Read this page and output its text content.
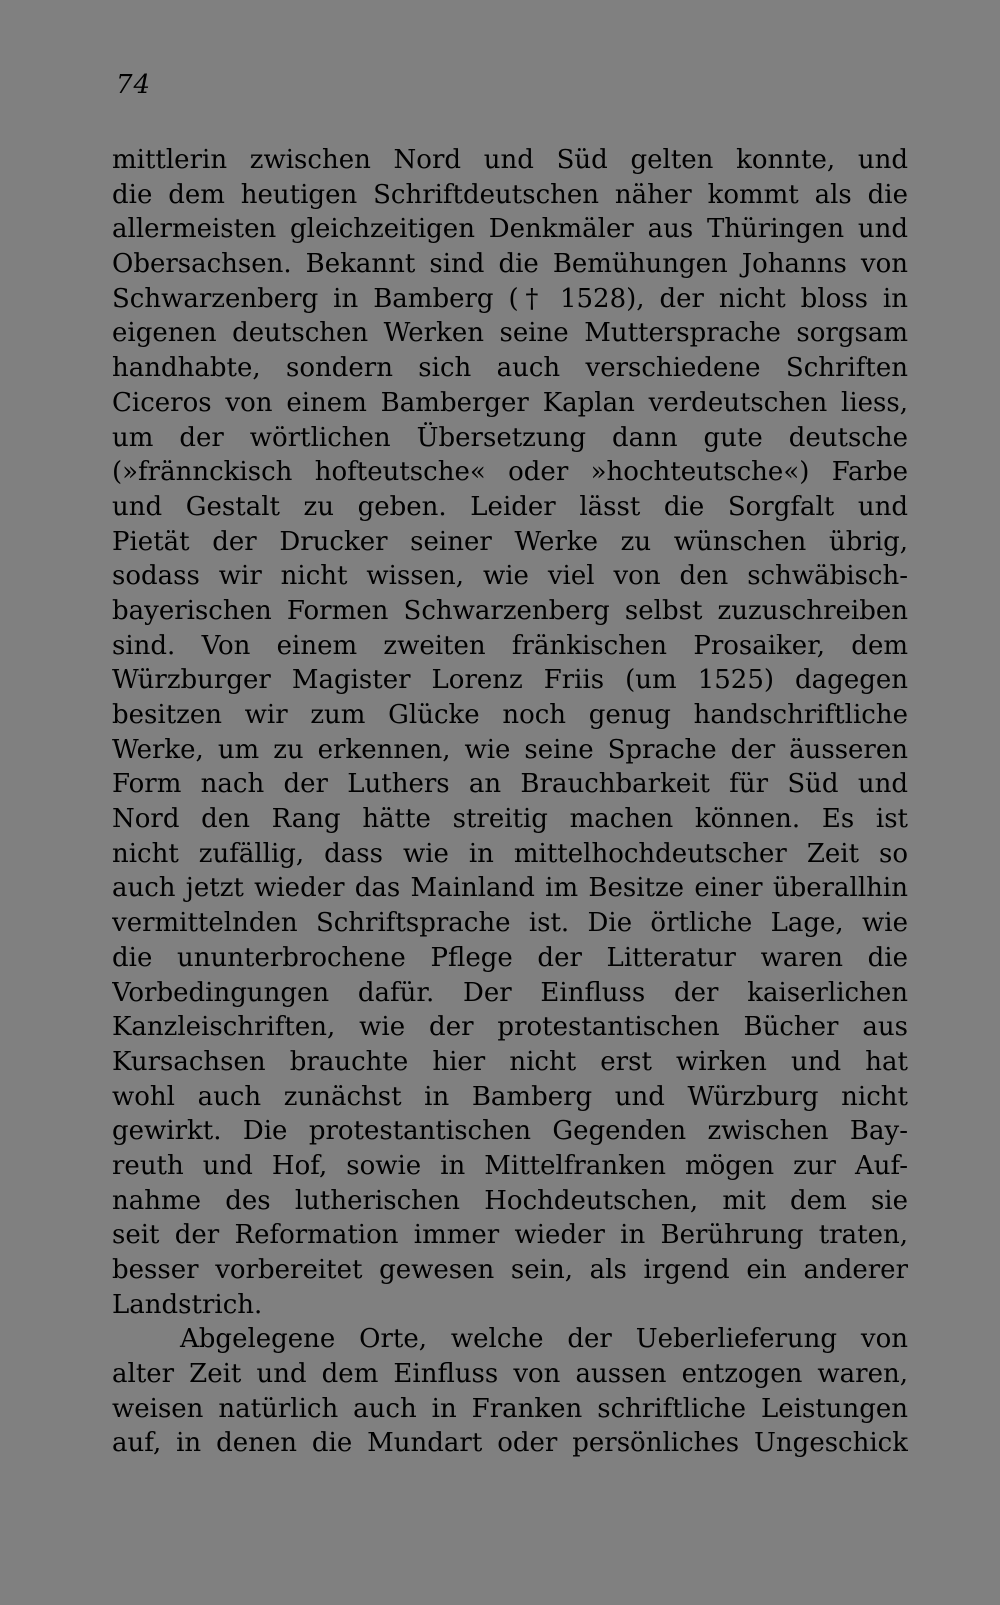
74
mittlerin zwischen Nord und Süd gelten konnte, und
die dem heutigen Schriftdeutschen näher kommt als die
allermeisten gleichzeitigen Denkmäler aus Thüringen und
Obersachsen. Bekannt sind die Bemühungen Johanns von
Schwarzenberg in Bamberg († 1528), der nicht bloss in
eigenen deutschen Werken seine Muttersprache sorgsam
handhabte, sondern sich auch verschiedene Schriften
Ciceros von einem Bamberger Kaplan verdeutschen liess,
um der wörtlichen Übersetzung dann gute deutsche
(»frännckisch hofteutsche« oder »hochteutsche«) Farbe
und Gestalt zu geben. Leider lässt die Sorgfalt und
Pietät der Drucker seiner Werke zu wünschen übrig,
sodass wir nicht wissen, wie viel von den schwäbisch-
bayerischen Formen Schwarzenberg selbst zuzuschreiben
sind. Von einem zweiten fränkischen Prosaiker, dem
Würzburger Magister Lorenz Friis (um 1525) dagegen
besitzen wir zum Glücke noch genug handschriftliche
Werke, um zu erkennen, wie seine Sprache der äusseren
Form nach der Luthers an Brauchbarkeit für Süd und
Nord den Rang hätte streitig machen können. Es ist
nicht zufällig, dass wie in mittelhochdeutscher Zeit so
auch jetzt wieder das Mainland im Besitze einer überallhin
vermittelnden Schriftsprache ist. Die örtliche Lage, wie
die ununterbrochene Pflege der Litteratur waren die
Vorbedingungen dafür. Der Einfluss der kaiserlichen
Kanzleischriften, wie der protestantischen Bücher aus
Kursachsen brauchte hier nicht erst wirken und hat
wohl auch zunächst in Bamberg und Würzburg nicht
gewirkt. Die protestantischen Gegenden zwischen Bay-
reuth und Hof, sowie in Mittelfranken mögen zur Auf-
nahme des lutherischen Hochdeutschen, mit dem sie
seit der Reformation immer wieder in Berührung traten,
besser vorbereitet gewesen sein, als irgend ein anderer
Landstrich.
Abgelegene Orte, welche der Ueberlieferung von
alter Zeit und dem Einfluss von aussen entzogen waren,
weisen natürlich auch in Franken schriftliche Leistungen
auf, in denen die Mundart oder persönliches Ungeschick
